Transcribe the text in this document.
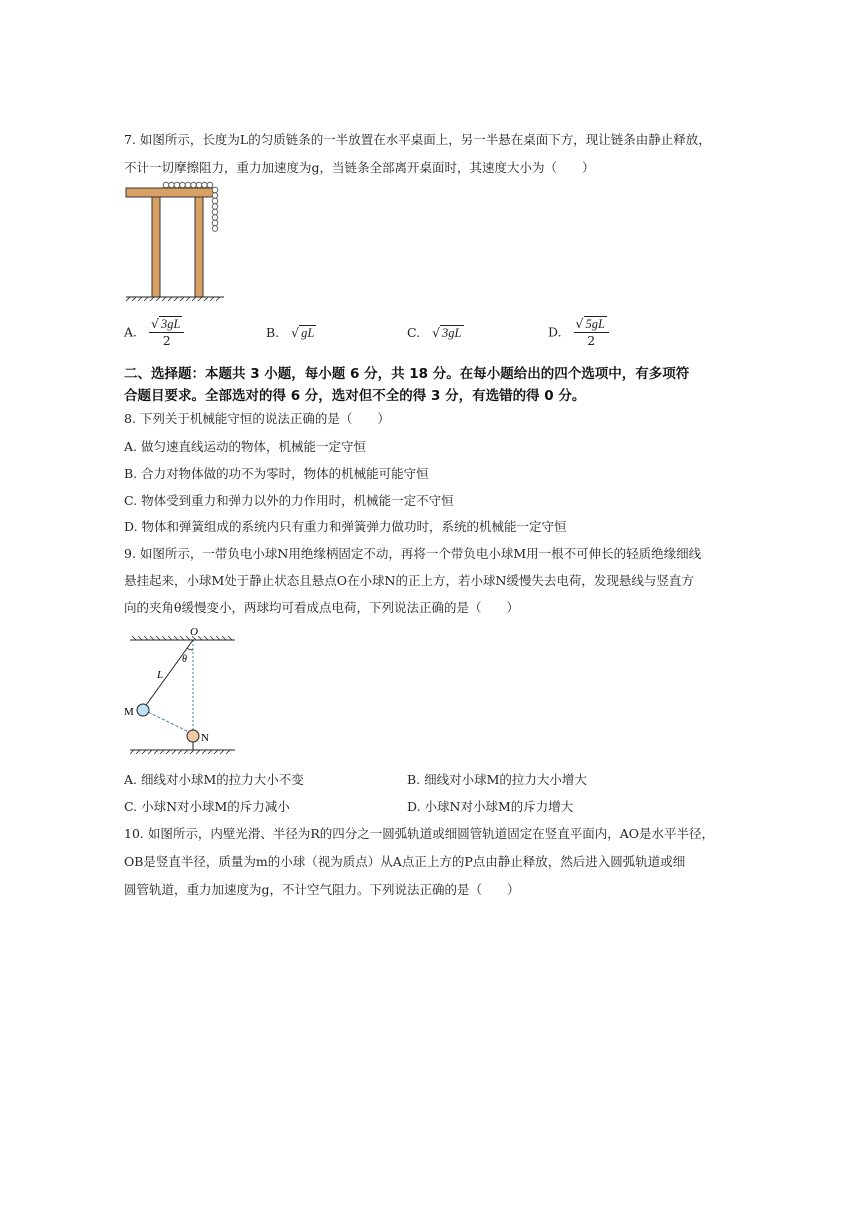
7. 如图所示，长度为L的匀质链条的一半放置在水平桌面上，另一半悬在桌面下方，现让链条由静止释放，
不计一切摩擦阻力，重力加速度为g，当链条全部离开桌面时，其速度大小为（　　）
A. $\frac{√ 3gL}{2}$	B. √ gL	C. √ 3gL	D. $\frac{√ 5gL}{2}$
二、选择题：本题共 3 小题，每小题 6 分，共 18 分。在每小题给出的四个选项中，有多项符
合题目要求。全部选对的得 6 分，选对但不全的得 3 分，有选错的得 0 分。
8. 下列关于机械能守恒的说法正确的是（　　）
A. 做匀速直线运动的物体，机械能一定守恒
B. 合力对物体做的功不为零时，物体的机械能可能守恒
C. 物体受到重力和弹力以外的力作用时，机械能一定不守恒
D. 物体和弹簧组成的系统内只有重力和弹簧弹力做功时，系统的机械能一定守恒
9. 如图所示，一带负电小球N用绝缘柄固定不动，再将一个带负电小球M用一根不可伸长的轻质绝缘细线
悬挂起来，小球M处于静止状态且悬点O在小球N的正上方，若小球N缓慢失去电荷，发现悬线与竖直方
向的夹角θ缓慢变小，两球均可看成点电荷，下列说法正确的是（　　）
O
θ
L
M
N
A. 细线对小球M的拉力大小不变	B. 细线对小球M的拉力大小增大
C. 小球N对小球M的斥力减小	D. 小球N对小球M的斥力增大
10. 如图所示，内壁光滑、半径为R的四分之一圆弧轨道或细圆管轨道固定在竖直平面内，AO是水平半径，
OB是竖直半径，质量为m的小球（视为质点）从A点正上方的P点由静止释放，然后进入圆弧轨道或细
圆管轨道，重力加速度为g，不计空气阻力。下列说法正确的是（　　）
